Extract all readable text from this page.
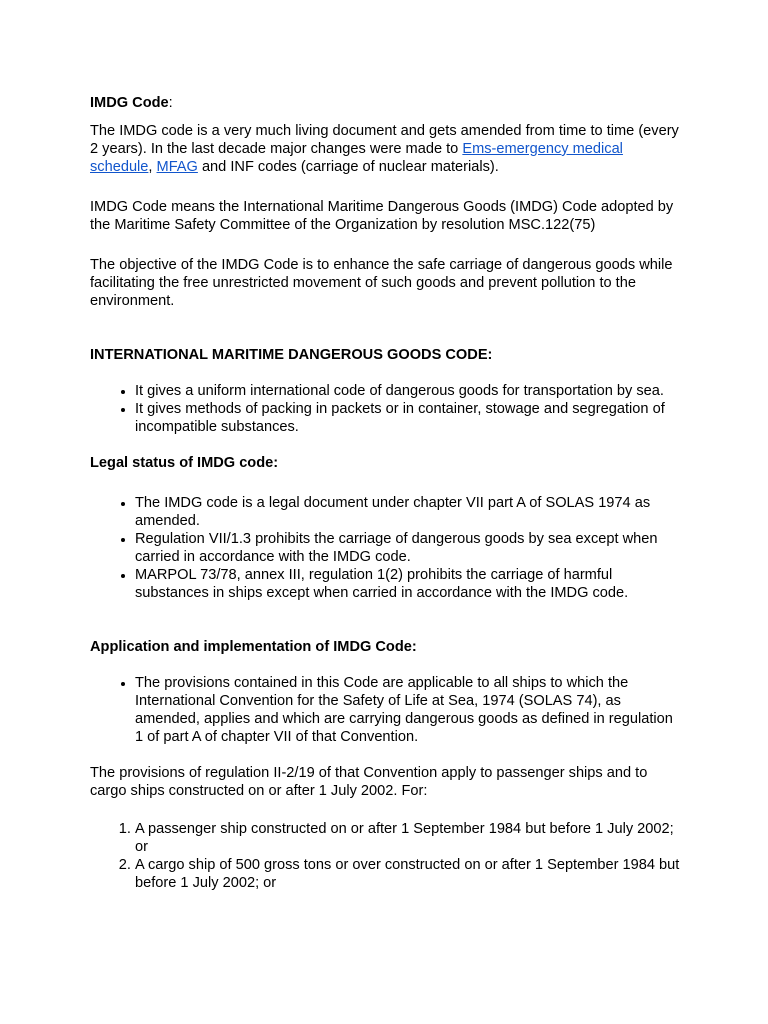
IMDG Code:

The IMDG code is a very much living document and gets amended from time to time (every 2 years). In the last decade major changes were made to Ems-emergency medical schedule, MFAG and INF codes (carriage of nuclear materials).

IMDG Code means the International Maritime Dangerous Goods (IMDG) Code adopted by the Maritime Safety Committee of the Organization by resolution MSC.122(75)

The objective of the IMDG Code is to enhance the safe carriage of dangerous goods while facilitating the free unrestricted movement of such goods and prevent pollution to the environment.

INTERNATIONAL MARITIME DANGEROUS GOODS CODE:

• It gives a uniform international code of dangerous goods for transportation by sea.
• It gives methods of packing in packets or in container, stowage and segregation of incompatible substances.

Legal status of IMDG code:

• The IMDG code is a legal document under chapter VII part A of SOLAS 1974 as amended.
• Regulation VII/1.3 prohibits the carriage of dangerous goods by sea except when carried in accordance with the IMDG code.
• MARPOL 73/78, annex III, regulation 1(2) prohibits the carriage of harmful substances in ships except when carried in accordance with the IMDG code.

Application and implementation of IMDG Code:

• The provisions contained in this Code are applicable to all ships to which the International Convention for the Safety of Life at Sea, 1974 (SOLAS 74), as amended, applies and which are carrying dangerous goods as defined in regulation 1 of part A of chapter VII of that Convention.

The provisions of regulation II-2/19 of that Convention apply to passenger ships and to cargo ships constructed on or after 1 July 2002. For:

1. A passenger ship constructed on or after 1 September 1984 but before 1 July 2002; or
2. A cargo ship of 500 gross tons or over constructed on or after 1 September 1984 but before 1 July 2002; or
